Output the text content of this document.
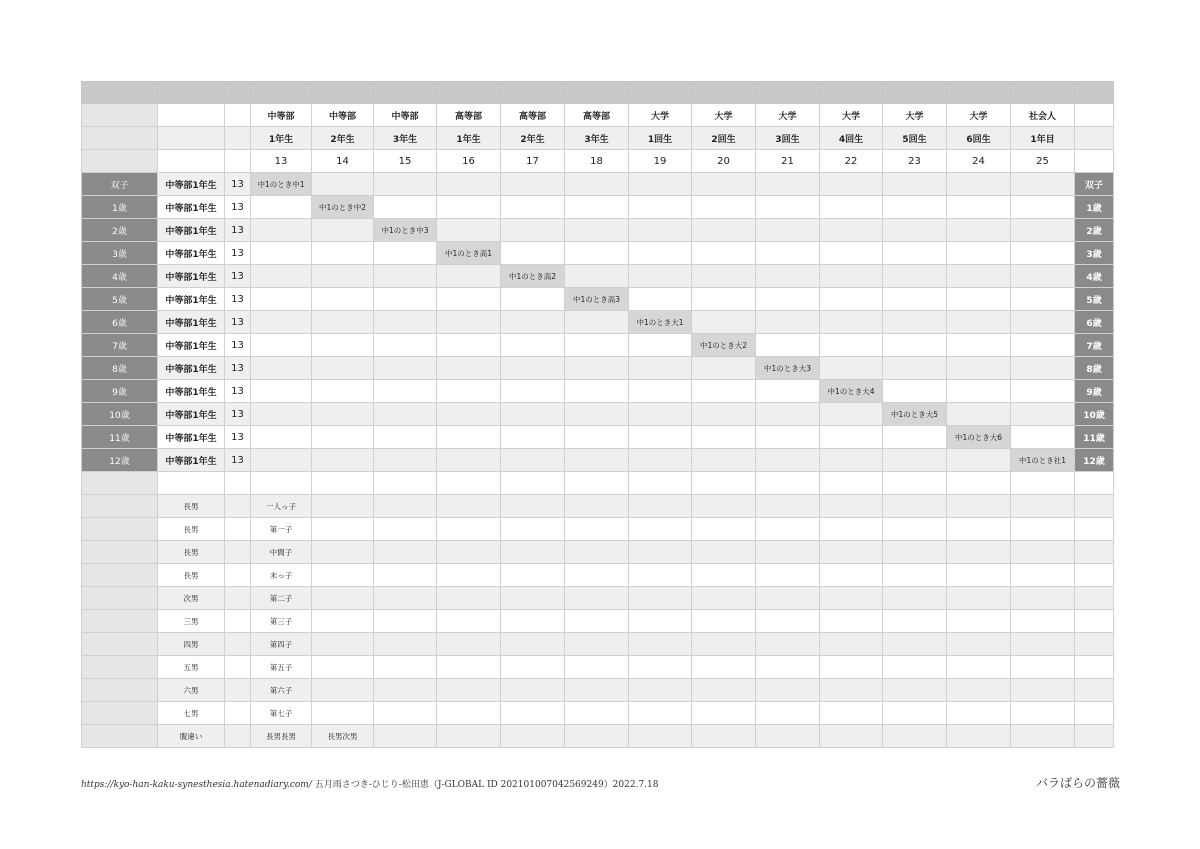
			中等部	中等部	中等部	高等部	高等部	高等部	大学	大学	大学	大学	大学	大学	社会人	
			1年生	2年生	3年生	1年生	2年生	3年生	1回生	2回生	3回生	4回生	5回生	6回生	1年目	
			13	14	15	16	17	18	19	20	21	22	23	24	25	
双子	中等部1年生	13	中1のとき中1													双子
1歳	中等部1年生	13		中1のとき中2												1歳
2歳	中等部1年生	13			中1のとき中3											2歳
3歳	中等部1年生	13				中1のとき高1										3歳
4歳	中等部1年生	13					中1のとき高2									4歳
5歳	中等部1年生	13						中1のとき高3								5歳
6歳	中等部1年生	13							中1のとき大1							6歳
7歳	中等部1年生	13								中1のとき大2						7歳
8歳	中等部1年生	13									中1のとき大3					8歳
9歳	中等部1年生	13										中1のとき大4				9歳
10歳	中等部1年生	13											中1のとき大5			10歳
11歳	中等部1年生	13												中1のとき大6		11歳
12歳	中等部1年生	13													中1のとき社1	12歳

	長男		一人っ子													
	長男		第一子													
	長男		中間子													
	長男		末っ子													
	次男		第二子													
	三男		第三子													
	四男		第四子													
	五男		第五子													
	六男		第六子													
	七男		第七子													
	腹違い		長男長男	長男次男												
https://kyo-han-kaku-synesthesia.hatenadiary.com/ 五月雨さつき-ひじり-松田恵（J-GLOBAL ID 202101007042569249）2022.7.18	バラばらの薔薇
